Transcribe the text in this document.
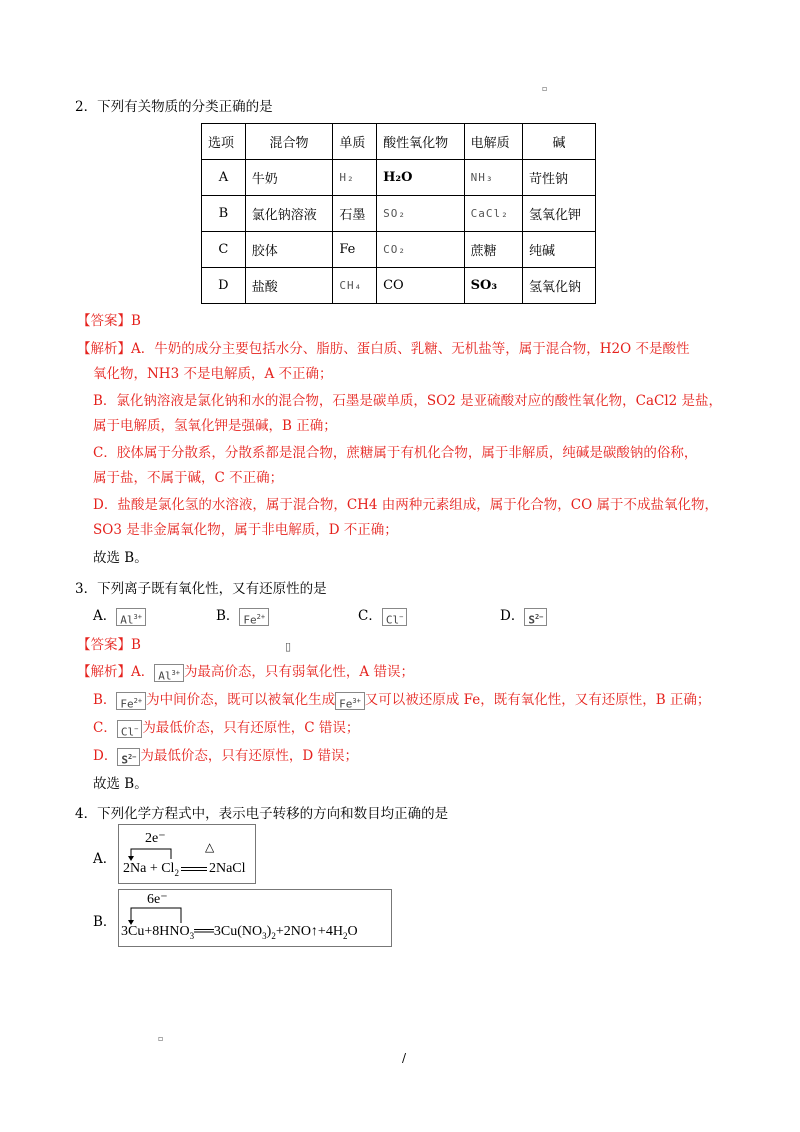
▫
2．下列有关物质的分类正确的是
选项	混合物	单质	酸性氧化物	电解质	碱
A	牛奶	H₂	H₂O	NH₃	苛性钠
B	氯化钠溶液	石墨	SO₂	CaCl₂	氢氧化钾
C	胶体	Fe	CO₂	蔗糖	纯碱
D	盐酸	CH₄	CO	SO₃	氢氧化钠
【答案】B
【解析】A．牛奶的成分主要包括水分、脂肪、蛋白质、乳糖、无机盐等，属于混合物，H2O 不是酸性
氧化物，NH3 不是电解质，A 不正确；
B．氯化钠溶液是氯化钠和水的混合物，石墨是碳单质，SO2 是亚硫酸对应的酸性氧化物，CaCl2 是盐，
属于电解质，氢氧化钾是强碱，B 正确；
C．胶体属于分散系，分散系都是混合物，蔗糖属于有机化合物，属于非解质，纯碱是碳酸钠的俗称，
属于盐，不属于碱，C 不正确；
D．盐酸是氯化氢的水溶液，属于混合物，CH4 由两种元素组成，属于化合物，CO 属于不成盐氧化物，
SO3 是非金属氧化物，属于非电解质，D 不正确；
故选 B。
3．下列离子既有氧化性，又有还原性的是
A． $Al^{3+}$	B． $Fe^{2+}$	C． Cl−	D． $S^{2-}$
【答案】B	▯
【解析】A． $Al^{3+}$ 为最高价态，只有弱氧化性，A 错误；
B． $Fe^{2+}$ 为中间价态，既可以被氧化生成 $Fe^{3+}$ 又可以被还原成 Fe，既有氧化性，又有还原性，B 正确；
C． Cl− 为最低价态，只有还原性，C 错误；
D． $S^{2-}$ 为最低价态，只有还原性，D 错误；
故选 B。
4．下列化学方程式中，表示电子转移的方向和数目均正确的是
A．
2e⁻
△
$2Na + Cl_2$ 2NaCl
B．
6e⁻
$3Cu+8HNO_3══3Cu(NO_3)_2+2NO↑+4H_2O$
▫
/
